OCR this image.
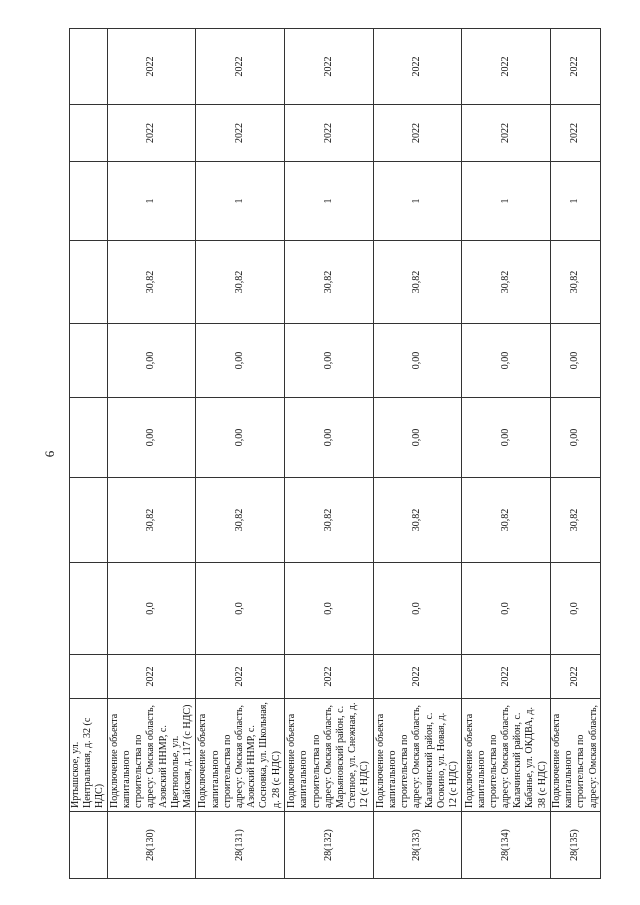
6
	Иртышское, ул. Центральная, д. 32 (с НДС)									
28(130)	Подключение объекта капитального строительства по адресу: Омская область, Азовский ННМР, с. Цветнополье, ул. Майская, д. 117 (с НДС)	2022	0,0	30,82	0,00	0,00	30,82	1	2022	2022
28(131)	Подключение объекта капитального строительства по адресу: Омская область, Азовский ННМР, с. Сосновка, ул. Школьная, д. 28 (с НДС)	2022	0,0	30,82	0,00	0,00	30,82	1	2022	2022
28(132)	Подключение объекта капитального строительства по адресу: Омская область, Марьяновский район, с. Степное, ул. Снежная, д. 12 (с НДС)	2022	0,0	30,82	0,00	0,00	30,82	1	2022	2022
28(133)	Подключение объекта капитального строительства по адресу: Омская область, Калачинский район, с. Осокино, ул. Новая, д. 12 (с НДС)	2022	0,0	30,82	0,00	0,00	30,82	1	2022	2022
28(134)	Подключение объекта капитального строительства по адресу: Омская область, Калачинский район, с. Кабанье, ул. ОКДВА, д. 38 (с НДС)	2022	0,0	30,82	0,00	0,00	30,82	1	2022	2022
28(135)	Подключение объекта капитального строительства по адресу: Омская область,	2022	0,0	30,82	0,00	0,00	30,82	1	2022	2022
